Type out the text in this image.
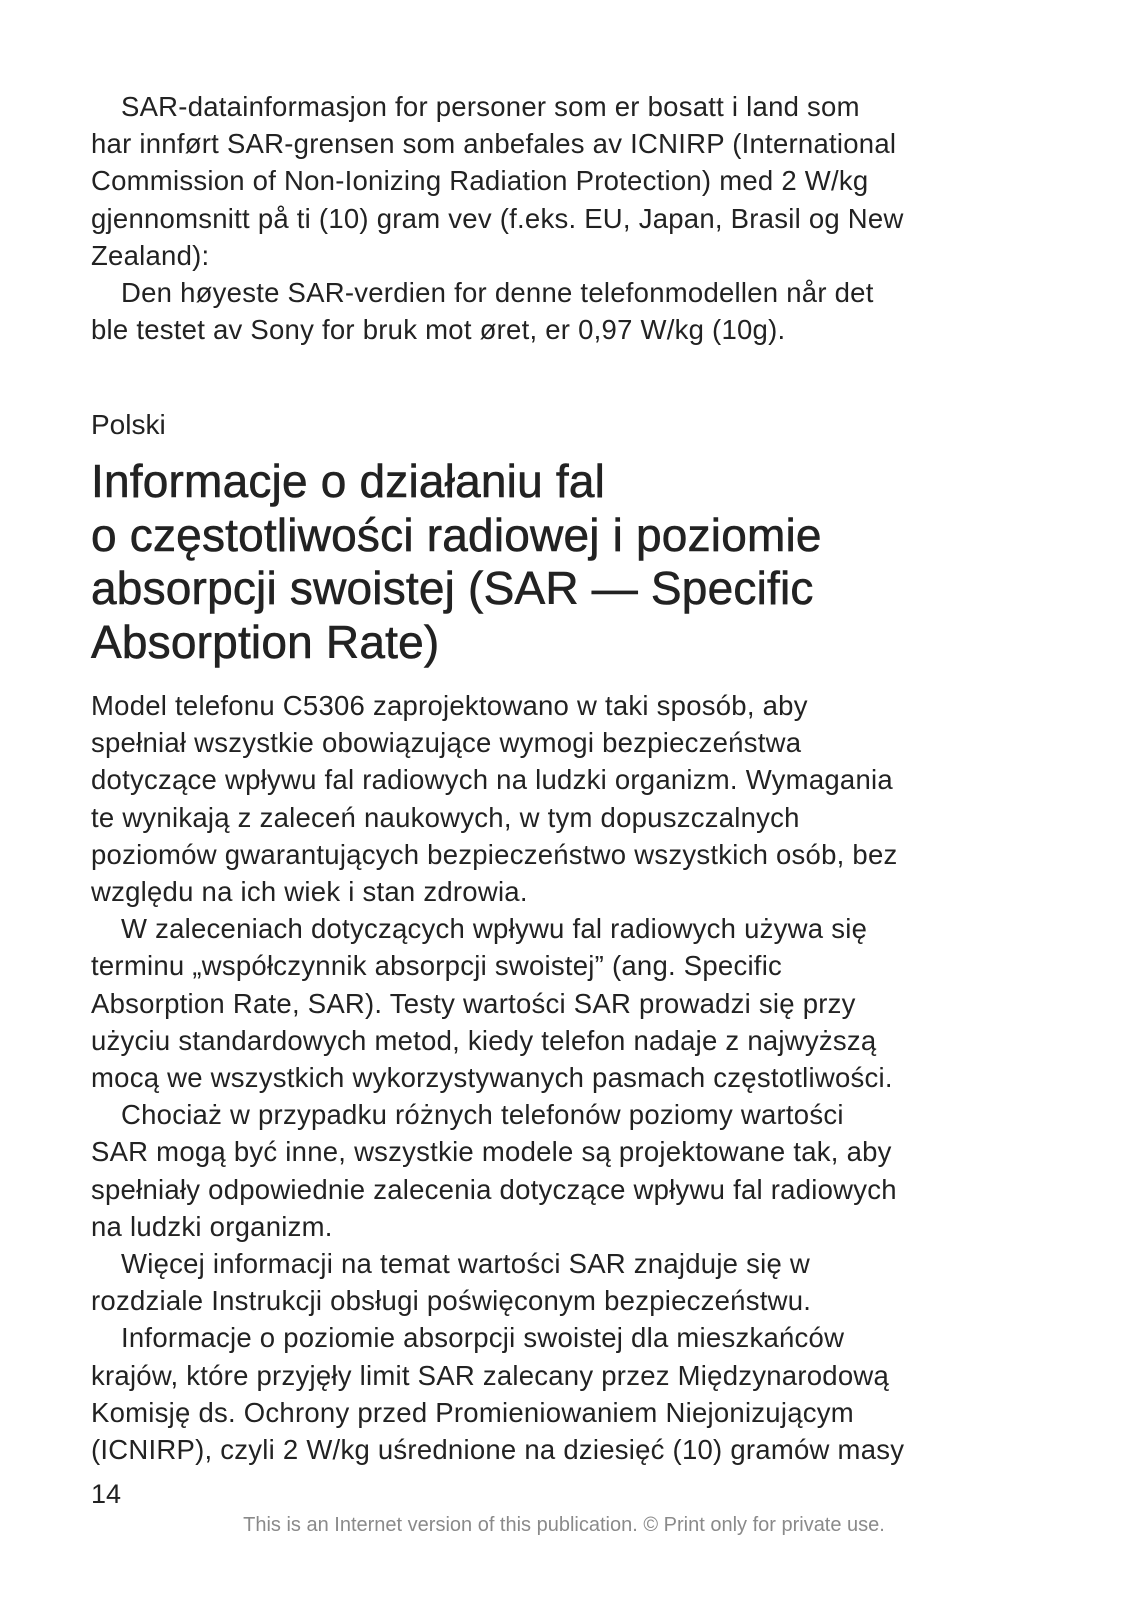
SAR-datainformasjon for personer som er bosatt i land som
har innført SAR-grensen som anbefales av ICNIRP (International
Commission of Non-Ionizing Radiation Protection) med 2 W/kg
gjennomsnitt på ti (10) gram vev (f.eks. EU, Japan, Brasil og New
Zealand):

Den høyeste SAR-verdien for denne telefonmodellen når det
ble testet av Sony for bruk mot øret, er 0,97 W/kg (10g).

Polski

Informacje o działaniu fal
o częstotliwości radiowej i poziomie
absorpcji swoistej (SAR — Specific
Absorption Rate)

Model telefonu C5306 zaprojektowano w taki sposób, aby
spełniał wszystkie obowiązujące wymogi bezpieczeństwa
dotyczące wpływu fal radiowych na ludzki organizm. Wymagania
te wynikają z zaleceń naukowych, w tym dopuszczalnych
poziomów gwarantujących bezpieczeństwo wszystkich osób, bez
względu na ich wiek i stan zdrowia.

W zaleceniach dotyczących wpływu fal radiowych używa się
terminu „współczynnik absorpcji swoistej” (ang. Specific
Absorption Rate, SAR). Testy wartości SAR prowadzi się przy
użyciu standardowych metod, kiedy telefon nadaje z najwyższą
mocą we wszystkich wykorzystywanych pasmach częstotliwości.

Chociaż w przypadku różnych telefonów poziomy wartości
SAR mogą być inne, wszystkie modele są projektowane tak, aby
spełniały odpowiednie zalecenia dotyczące wpływu fal radiowych
na ludzki organizm.

Więcej informacji na temat wartości SAR znajduje się w
rozdziale Instrukcji obsługi poświęconym bezpieczeństwu.

Informacje o poziomie absorpcji swoistej dla mieszkańców
krajów, które przyjęły limit SAR zalecany przez Międzynarodową
Komisję ds. Ochrony przed Promieniowaniem Niejonizującym
(ICNIRP), czyli 2 W/kg uśrednione na dziesięć (10) gramów masy

14

This is an Internet version of this publication. © Print only for private use.
